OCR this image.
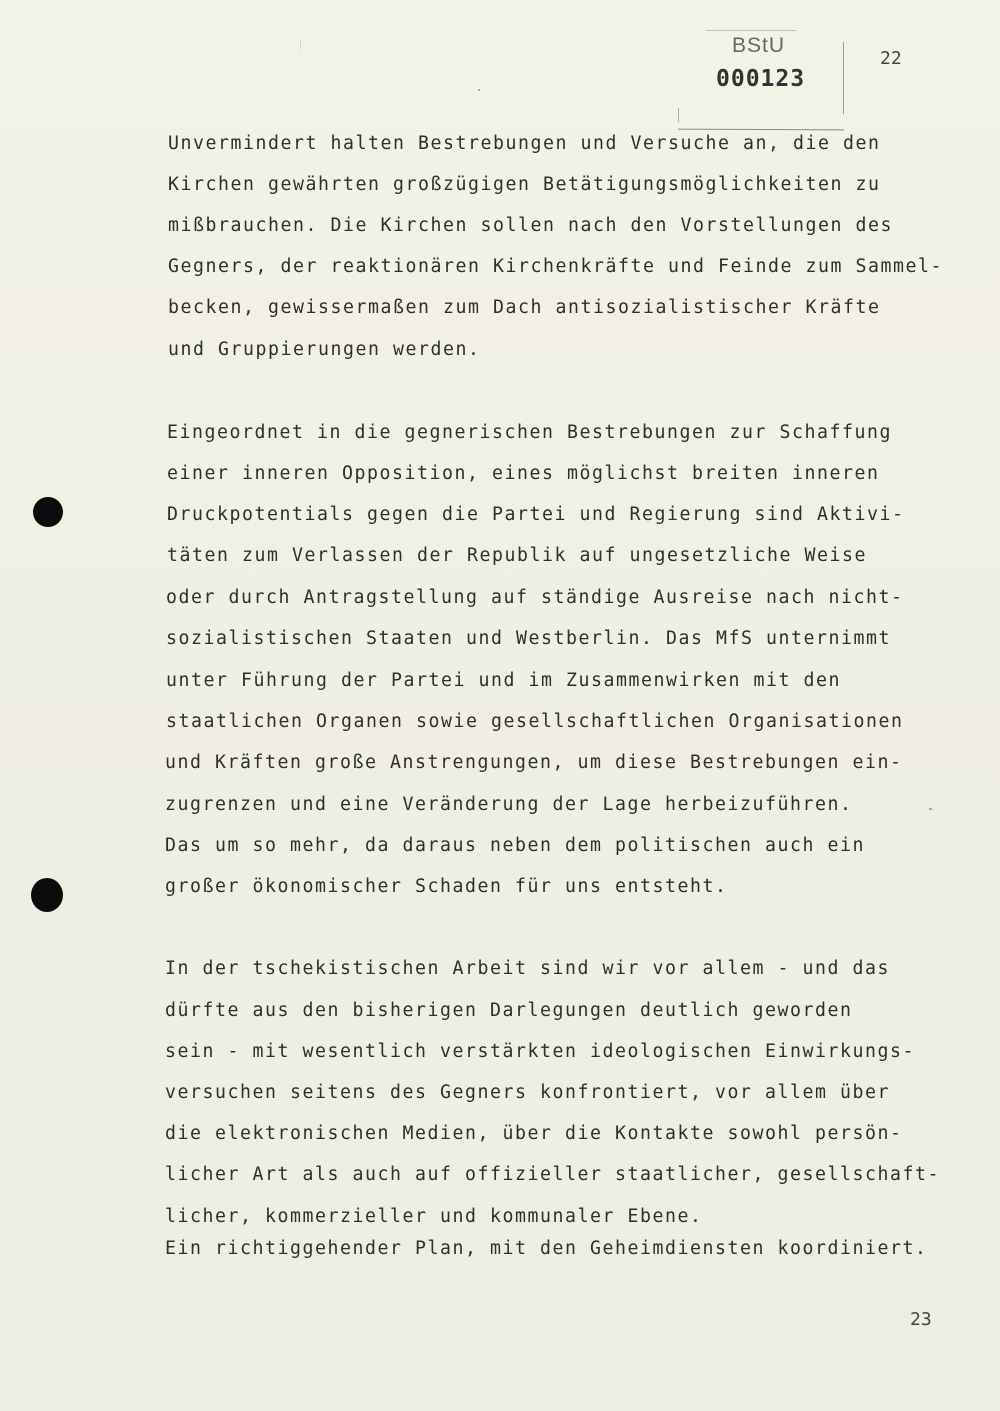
BStU
000123
22
Unvermindert halten Bestrebungen und Versuche an, die den
Kirchen gewährten großzügigen Betätigungsmöglichkeiten zu
mißbrauchen. Die Kirchen sollen nach den Vorstellungen des
Gegners, der reaktionären Kirchenkräfte und Feinde zum Sammel-
becken, gewissermaßen zum Dach antisozialistischer Kräfte
und Gruppierungen werden.
Eingeordnet in die gegnerischen Bestrebungen zur Schaffung
einer inneren Opposition, eines möglichst breiten inneren
Druckpotentials gegen die Partei und Regierung sind Aktivi-
täten zum Verlassen der Republik auf ungesetzliche Weise
oder durch Antragstellung auf ständige Ausreise nach nicht-
sozialistischen Staaten und Westberlin. Das MfS unternimmt
unter Führung der Partei und im Zusammenwirken mit den
staatlichen Organen sowie gesellschaftlichen Organisationen
und Kräften große Anstrengungen, um diese Bestrebungen ein-
zugrenzen und eine Veränderung der Lage herbeizuführen.
Das um so mehr, da daraus neben dem politischen auch ein
großer ökonomischer Schaden für uns entsteht.
In der tschekistischen Arbeit sind wir vor allem - und das
dürfte aus den bisherigen Darlegungen deutlich geworden
sein - mit wesentlich verstärkten ideologischen Einwirkungs-
versuchen seitens des Gegners konfrontiert, vor allem über
die elektronischen Medien, über die Kontakte sowohl persön-
licher Art als auch auf offizieller staatlicher, gesellschaft-
licher, kommerzieller und kommunaler Ebene.
Ein richtiggehender Plan, mit den Geheimdiensten koordiniert.
23
